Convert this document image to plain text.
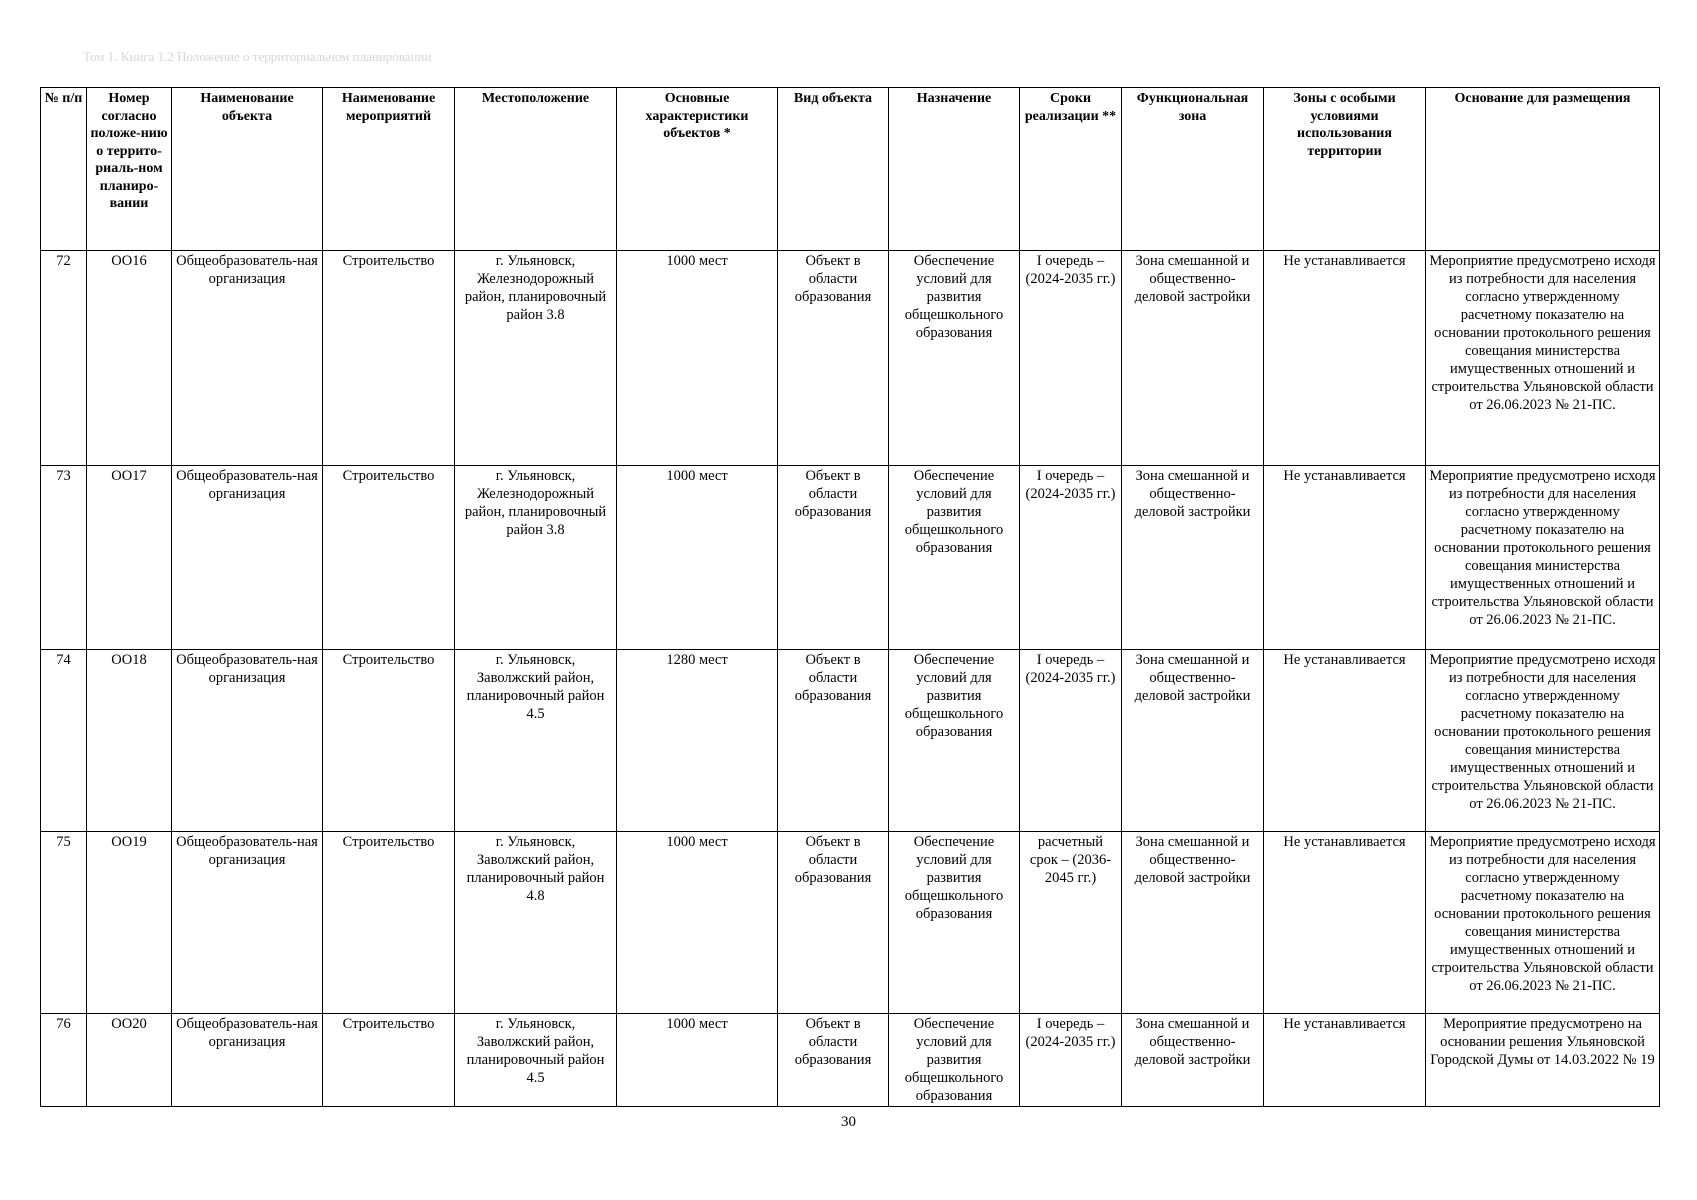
Том 1. Книга 1.2 Положение о территориальном планировании
№ п/п	Номер согласно положе-нию о террито-риаль-ном планиро-вании	Наименование объекта	Наименование мероприятий	Местоположение	Основные характеристики объектов *	Вид объекта	Назначение	Сроки реализации **	Функциональная зона	Зоны с особыми условиями использования территории	Основание для размещения
72	ОО16	Общеобразователь-ная организация	Строительство	г. Ульяновск, Железнодорожный район, планировочный район 3.8	1000 мест	Объект в области образования	Обеспечение условий для развития общешкольного образования	I очередь – (2024-2035 гг.)	Зона смешанной и общественно-деловой застройки	Не устанавливается	Мероприятие предусмотрено исходя из потребности для населения согласно утвержденному расчетному показателю на основании протокольного решения совещания министерства имущественных отношений и строительства Ульяновской области от 26.06.2023 № 21-ПС.
73	ОО17	Общеобразователь-ная организация	Строительство	г. Ульяновск, Железнодорожный район, планировочный район 3.8	1000 мест	Объект в области образования	Обеспечение условий для развития общешкольного образования	I очередь – (2024-2035 гг.)	Зона смешанной и общественно-деловой застройки	Не устанавливается	Мероприятие предусмотрено исходя из потребности для населения согласно утвержденному расчетному показателю на основании протокольного решения совещания министерства имущественных отношений и строительства Ульяновской области от 26.06.2023 № 21-ПС.
74	ОО18	Общеобразователь-ная организация	Строительство	г. Ульяновск, Заволжский район, планировочный район 4.5	1280 мест	Объект в области образования	Обеспечение условий для развития общешкольного образования	I очередь – (2024-2035 гг.)	Зона смешанной и общественно-деловой застройки	Не устанавливается	Мероприятие предусмотрено исходя из потребности для населения согласно утвержденному расчетному показателю на основании протокольного решения совещания министерства имущественных отношений и строительства Ульяновской области от 26.06.2023 № 21-ПС.
75	ОО19	Общеобразователь-ная организация	Строительство	г. Ульяновск, Заволжский район, планировочный район 4.8	1000 мест	Объект в области образования	Обеспечение условий для развития общешкольного образования	расчетный срок – (2036-2045 гг.)	Зона смешанной и общественно-деловой застройки	Не устанавливается	Мероприятие предусмотрено исходя из потребности для населения согласно утвержденному расчетному показателю на основании протокольного решения совещания министерства имущественных отношений и строительства Ульяновской области от 26.06.2023 № 21-ПС.
76	ОО20	Общеобразователь-ная организация	Строительство	г. Ульяновск, Заволжский район, планировочный район 4.5	1000 мест	Объект в области образования	Обеспечение условий для развития общешкольного образования	I очередь – (2024-2035 гг.)	Зона смешанной и общественно-деловой застройки	Не устанавливается	Мероприятие предусмотрено на основании решения Ульяновской Городской Думы от 14.03.2022 № 19
30
